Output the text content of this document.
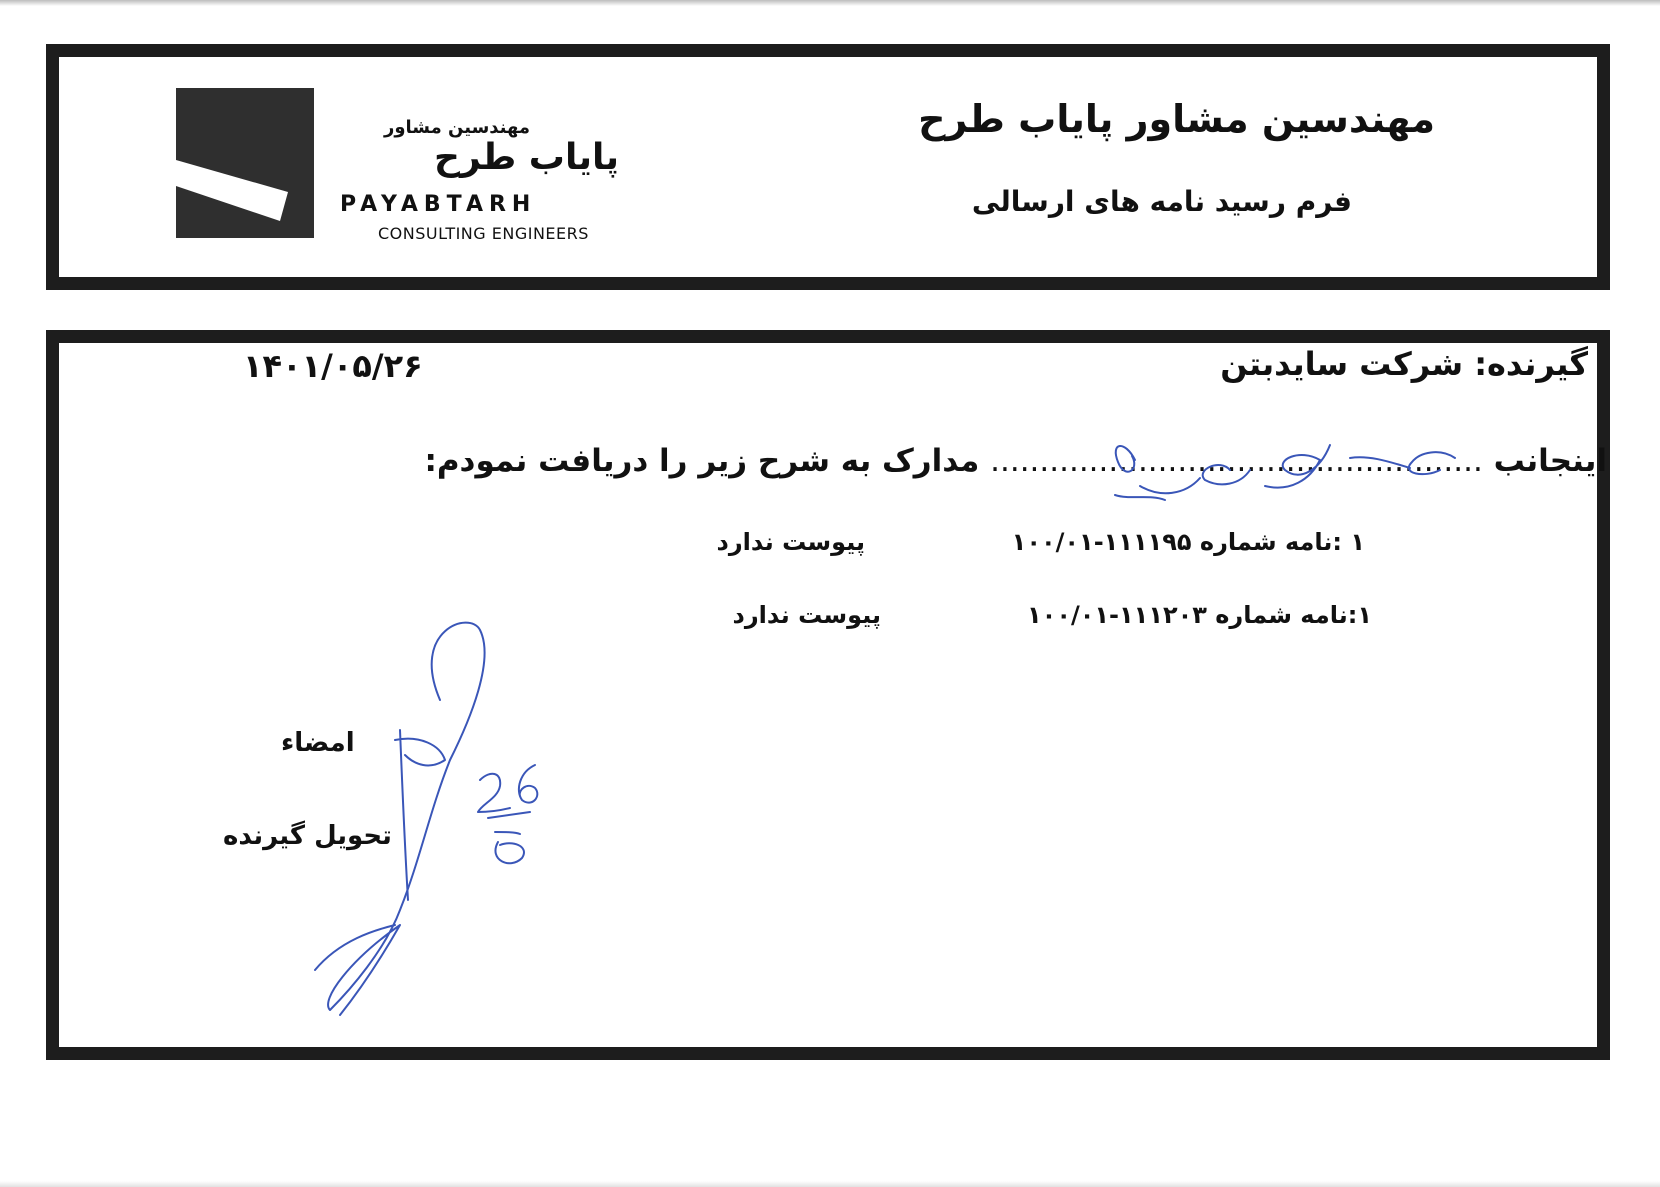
مهندسین مشاور پایاب طرح
فرم رسید نامه های ارسالی
مهندسین مشاور
پایاب طرح
PAYABTARH
CONSULTING ENGINEERS
گیرنده: شرکت سایدبتن
۱۴۰۱/۰۵/۲۶
اینجانب .................................................. مدارک به شرح زیر را دریافت نمودم:
۱ :نامه شماره ۱۱۱۱۹۵-۱۰۰/۰۱
پیوست ندارد
۱:نامه شماره ۱۱۱۲۰۳-۱۰۰/۰۱
پیوست ندارد
امضاء
تحویل گیرنده
